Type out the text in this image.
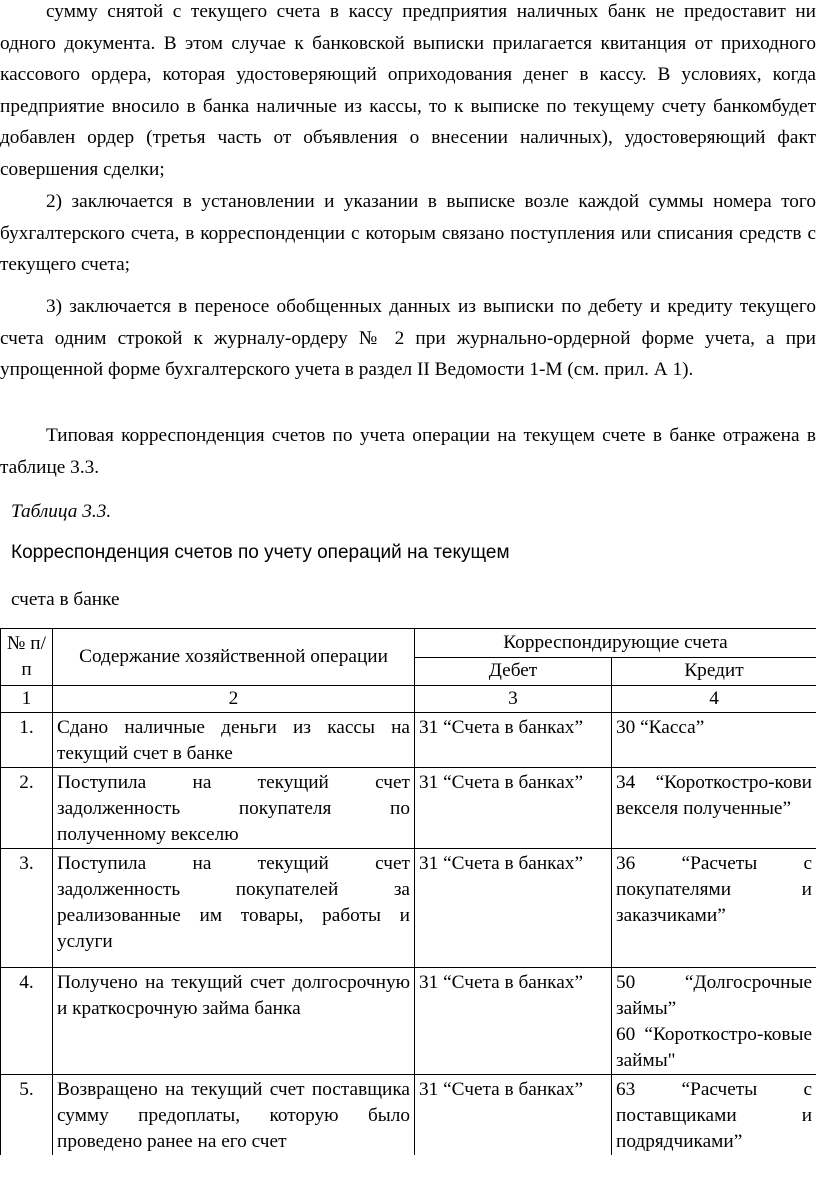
сумму снятой с текущего счета в кассу предприятия наличных банк не предоставит ни одного документа. В этом случае к банковской выписки прилагается квитанция от приходного кассового ордера, которая удостоверяющий оприходования денег в кассу. В условиях, когда предприятие вносило в банка наличные из кассы, то к выписке по текущему счету банкомбудет добавлен ордер (третья часть от объявления о внесении наличных), удостоверяющий факт совершения сделки;

2) заключается в установлении и указании в выписке возле каждой суммы номера того бухгалтерского счета, в корреспонденции с которым связано поступления или списания средств с текущего счета;

3) заключается в переносе обобщенных данных из выписки по дебету и кредиту текущего счета одним строкой к журналу-ордеру № 2 при журнально-ордерной форме учета, а при упрощенной форме бухгалтерского учета в раздел II Ведомости 1-М (см. прил. А 1).

Типовая корреспонденция счетов по учета операции на текущем счете в банке отражена в таблице 3.3.

Таблица 3.3.
Корреспонденция счетов по учету операций на текущем
счета в банке
№ п/п	Содержание хозяйственной операции	Корреспондирующие счета	
		Дебет	Кредит
1	2	3	4
1.	Сдано наличные деньги из кассы на текущий счет в банке	31 “Счета в банках”	30 “Касса”
2.	Поступила на текущий счет задолженность покупателя по полученному векселю	31 “Счета в банках”	34 “Короткостро-кови векселя полученные”
3.	Поступила на текущий счет задолженность покупателей за реализованные им товары, работы и услуги	31 “Счета в банках”	36 “Расчеты с покупателями и заказчиками”
4.	Получено на текущий счет долгосрочную и краткосрочную займа банка	31 “Счета в банках”	50 “Долгосрочные займы”
60 “Короткостро-ковые займы"

5.	Возвращено на текущий счет поставщика сумму предоплаты, которую было проведено ранее на его счет	31 “Счета в банках”	63 “Расчеты с поставщиками и подрядчиками”
